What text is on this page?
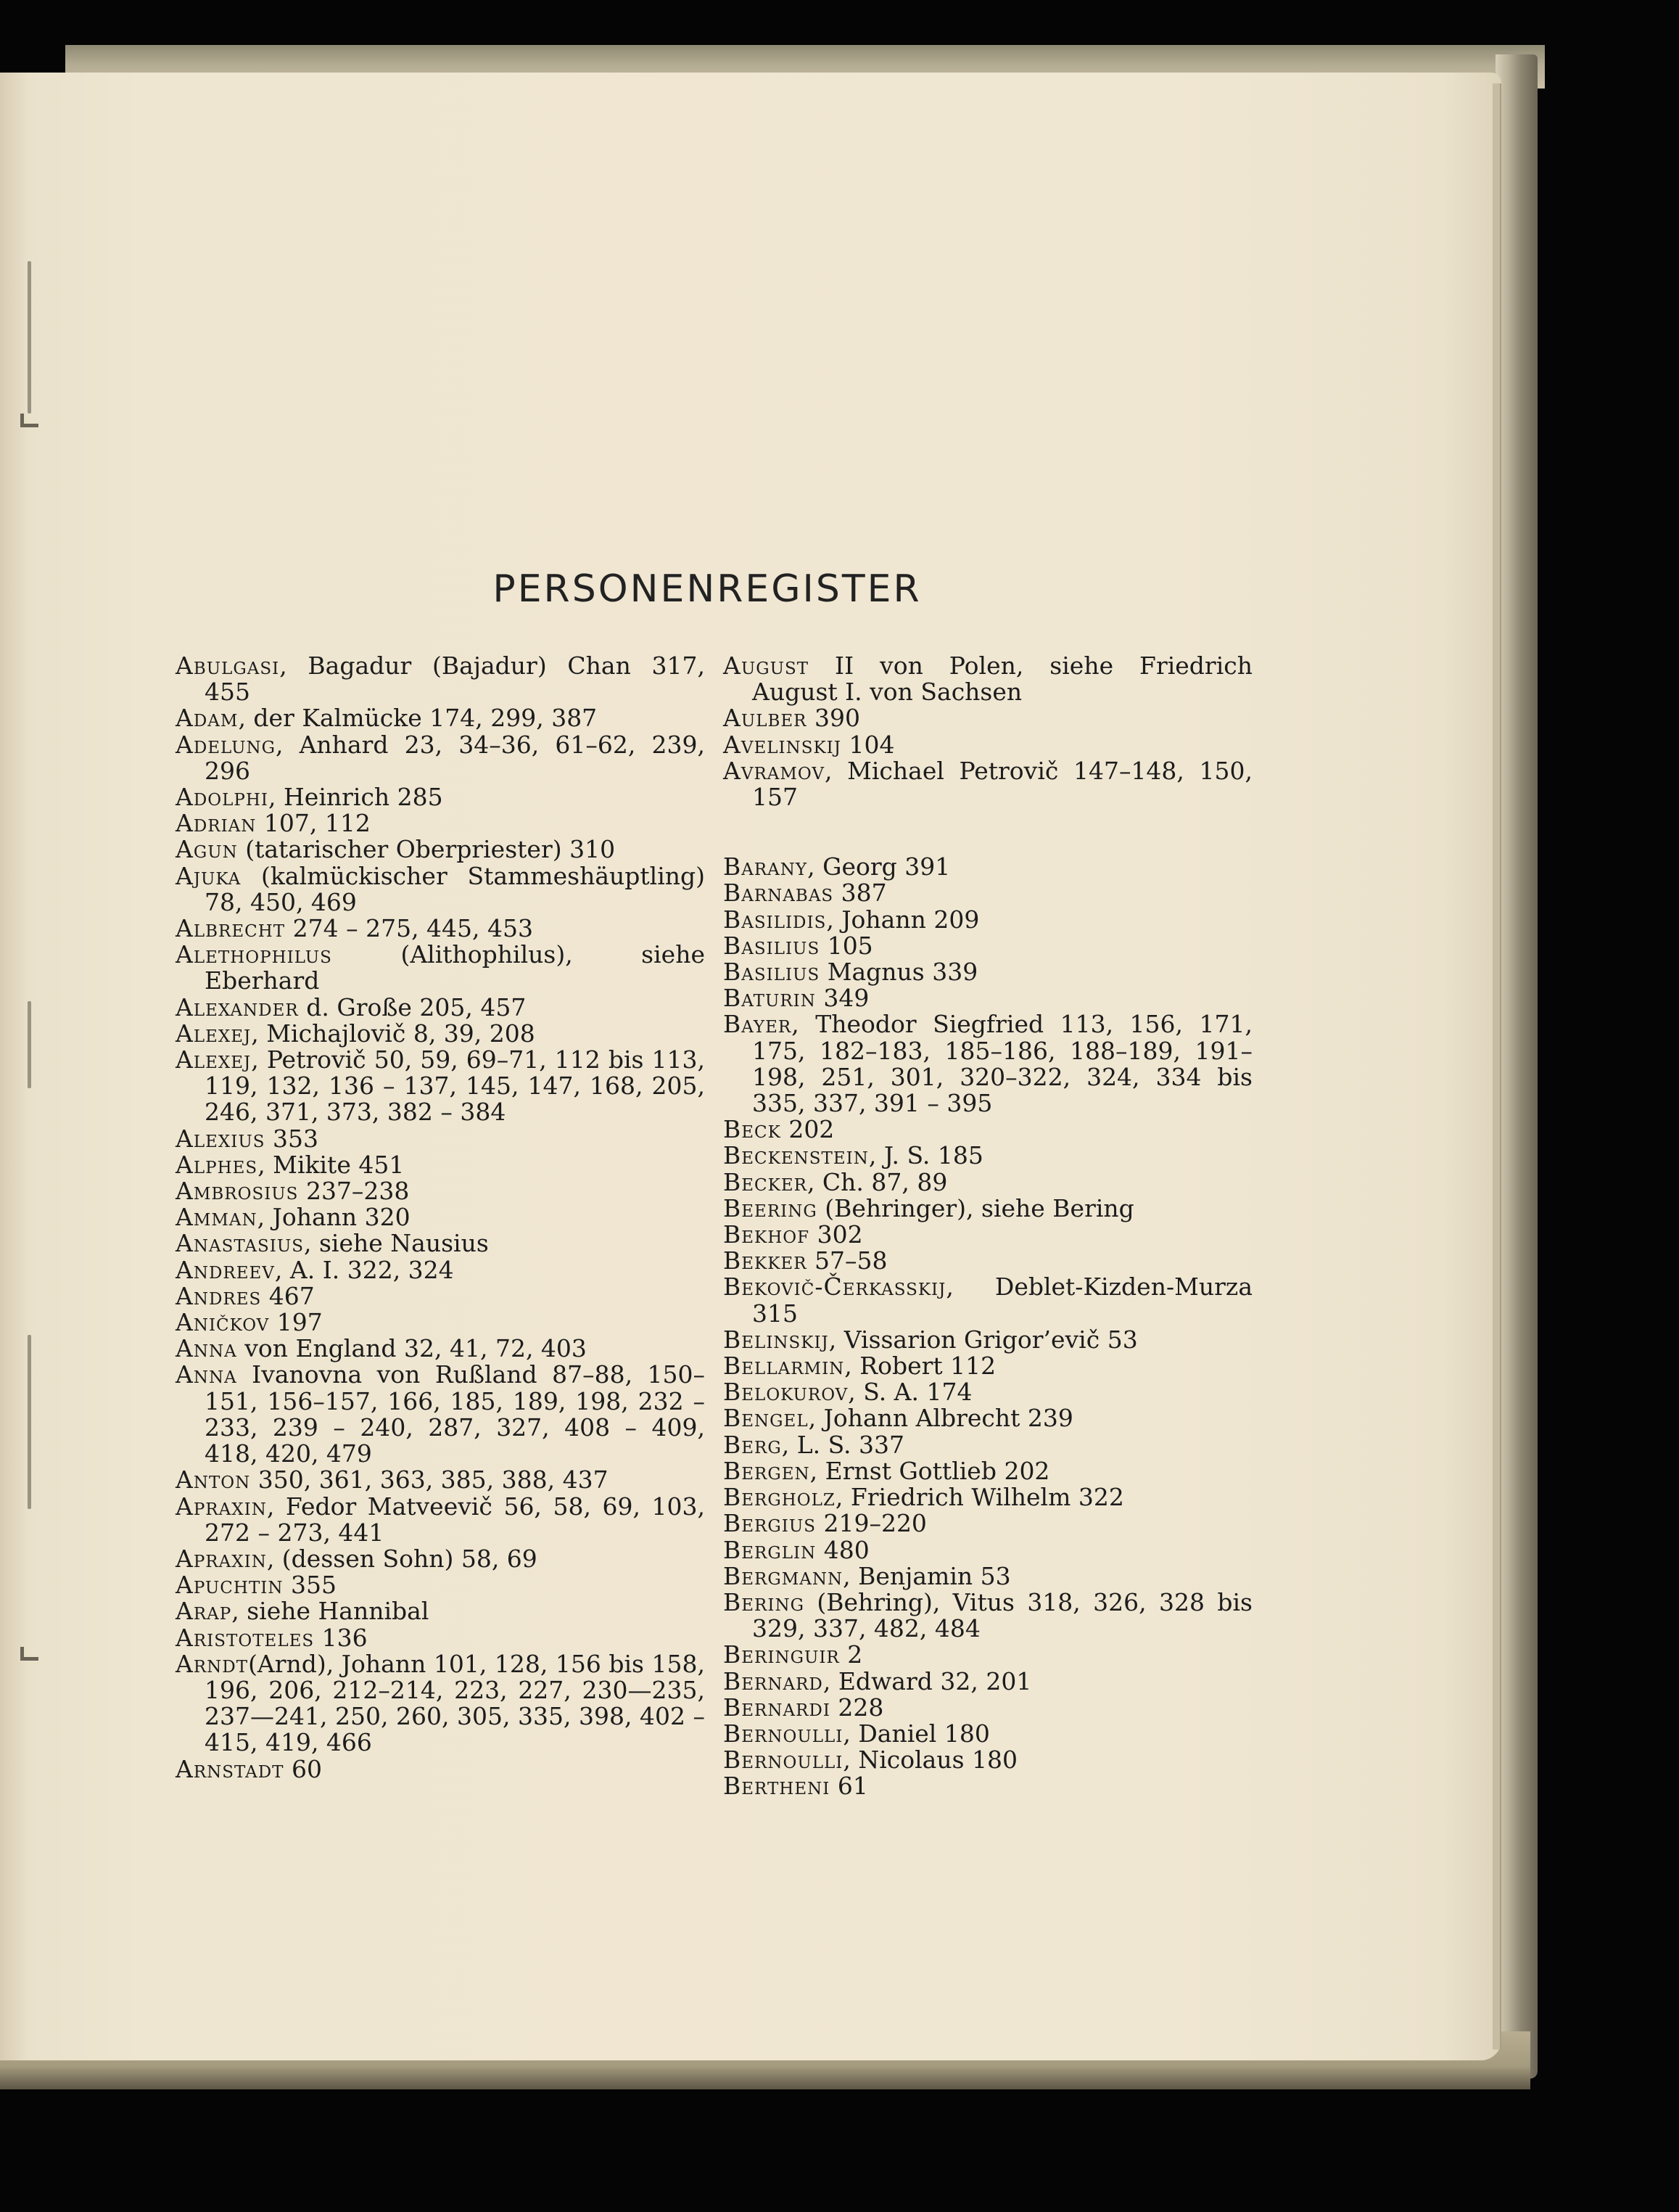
PERSONENREGISTER

Abulgasi, Bagadur (Bajadur) Chan 317, 455

Adam, der Kalmücke 174, 299, 387

Adelung, Anhard 23, 34–36, 61–62, 239, 296

Adolphi, Heinrich 285

Adrian 107, 112

Agun (tatarischer Oberpriester) 310

Ajuka (kalmückischer Stammeshäuptling) 78, 450, 469

Albrecht 274 – 275, 445, 453

Alethophilus (Alithophilus), siehe Eberhard

Alexander d. Große 205, 457

Alexej, Michajlovič 8, 39, 208

Alexej, Petrovič 50, 59, 69–71, 112 bis 113, 119, 132, 136 – 137, 145, 147, 168, 205, 246, 371, 373, 382 – 384

Alexius 353

Alphes, Mikite 451

Ambrosius 237–238

Amman, Johann 320

Anastasius, siehe Nausius

Andreev, A. I. 322, 324

Andres 467

Aničkov 197

Anna von England 32, 41, 72, 403

Anna Ivanovna von Rußland 87–88, 150–151, 156–157, 166, 185, 189, 198, 232 – 233, 239 – 240, 287, 327, 408 – 409, 418, 420, 479

Anton 350, 361, 363, 385, 388, 437

Apraxin, Fedor Matveevič 56, 58, 69, 103, 272 – 273, 441

Apraxin, (dessen Sohn) 58, 69

Apuchtin 355

Arap, siehe Hannibal

Aristoteles 136

Arndt(Arnd), Johann 101, 128, 156 bis 158, 196, 206, 212–214, 223, 227, 230—235, 237—241, 250, 260, 305, 335, 398, 402 – 415, 419, 466

Arnstadt 60

August II von Polen, siehe Friedrich August I. von Sachsen

Aulber 390

Avelinskij 104

Avramov, Michael Petrovič 147–148, 150, 157

Barany, Georg 391

Barnabas 387

Basilidis, Johann 209

Basilius 105

Basilius Magnus 339

Baturin 349

Bayer, Theodor Siegfried 113, 156, 171, 175, 182–183, 185–186, 188–189, 191–198, 251, 301, 320–322, 324, 334 bis 335, 337, 391 – 395

Beck 202

Beckenstein, J. S. 185

Becker, Ch. 87, 89

Beering (Behringer), siehe Bering

Bekhof 302

Bekker 57–58

Bekovič-Čerkasskij, Deblet-Kizden-Murza 315

Belinskij, Vissarion Grigor’evič 53

Bellarmin, Robert 112

Belokurov, S. A. 174

Bengel, Johann Albrecht 239

Berg, L. S. 337

Bergen, Ernst Gottlieb 202

Bergholz, Friedrich Wilhelm 322

Bergius 219–220

Berglin 480

Bergmann, Benjamin 53

Bering (Behring), Vitus 318, 326, 328 bis 329, 337, 482, 484

Beringuir 2

Bernard, Edward 32, 201

Bernardi 228

Bernoulli, Daniel 180

Bernoulli, Nicolaus 180

Bertheni 61
